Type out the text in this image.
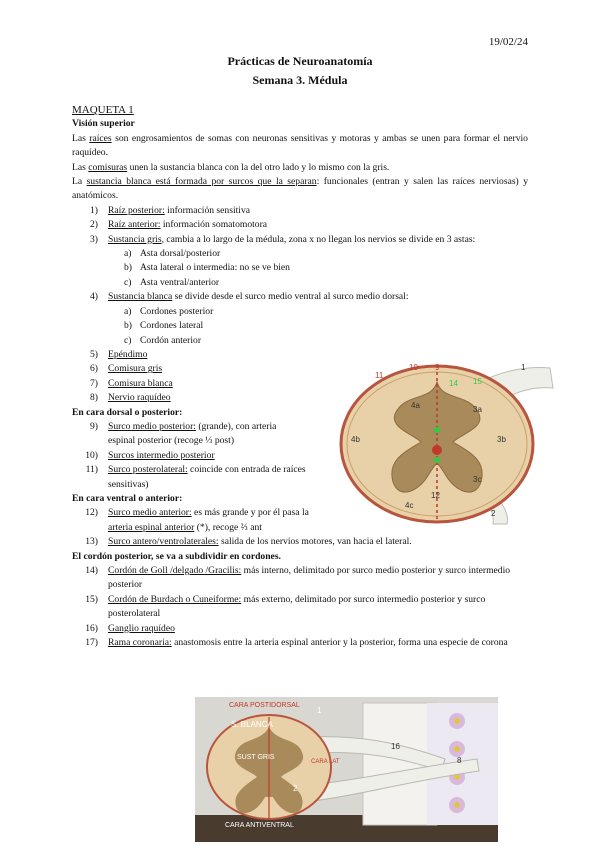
19/02/24
Prácticas de Neuroanatomía
Semana 3. Médula

MAQUETA 1

Visión superior

Las raíces son engrosamientos de somas con neuronas sensitivas y motoras y ambas se unen para formar el nervio raquídeo.

Las comisuras unen la sustancia blanca con la del otro lado y lo mismo con la gris.

La sustancia blanca está formada por surcos que la separan: funcionales (entran y salen las raíces nerviosas) y anatómicos.

1) Raíz posterior: información sensitiva
2) Raíz anterior: información somatomotora
3) Sustancia gris, cambia a lo largo de la médula, zona x no llegan los nervios se divide en 3 astas:
a) Asta dorsal/posterior
b) Asta lateral o intermedia: no se ve bien
c) Asta ventral/anterior
4) Sustancia blanca se divide desde el surco medio ventral al surco medio dorsal:
a) Cordones posterior
b) Cordones lateral
c) Cordón anterior
5) Epéndimo
6) Comisura gris
7) Comisura blanca
8) Nervio raquídeo

En cara dorsal o posterior:

9) Surco medio posterior: (grande), con arteria espinal posterior (recoge ⅓ post)
10) Surcos intermedio posterior
11) Surco posterolateral: coincide con entrada de raíces sensitivas)

En cara ventral o anterior:

12) Surco medio anterior: es más grande y por él pasa la arteria espinal anterior (*), recoge ⅔ ant
13) Surco antero/ventrolaterales: salida de los nervios motores, van hacia el lateral.

El cordón posterior, se va a subdividir en cordones.

14) Cordón de Goll /delgado /Gracilis: más interno, delimitado por surco medio posterior y surco intermedio posterior
15) Cordón de Burdach o Cuneiforme: más externo, delimitado por surco intermedio posterior y surco posterolateral
16) Ganglio raquídeo
17) Rama coronaria: anastomosis entre la arteria espinal anterior y la posterior, forma una especie de corona
11
10 9
14 15
1
4a	3a
4b	3b
3c
12
4c
2
CARA POSTIDORSAL
S. BLANCA
SUST GRIS
CARA LAT
CARA ANTIVENTRAL
1
16
8
2
